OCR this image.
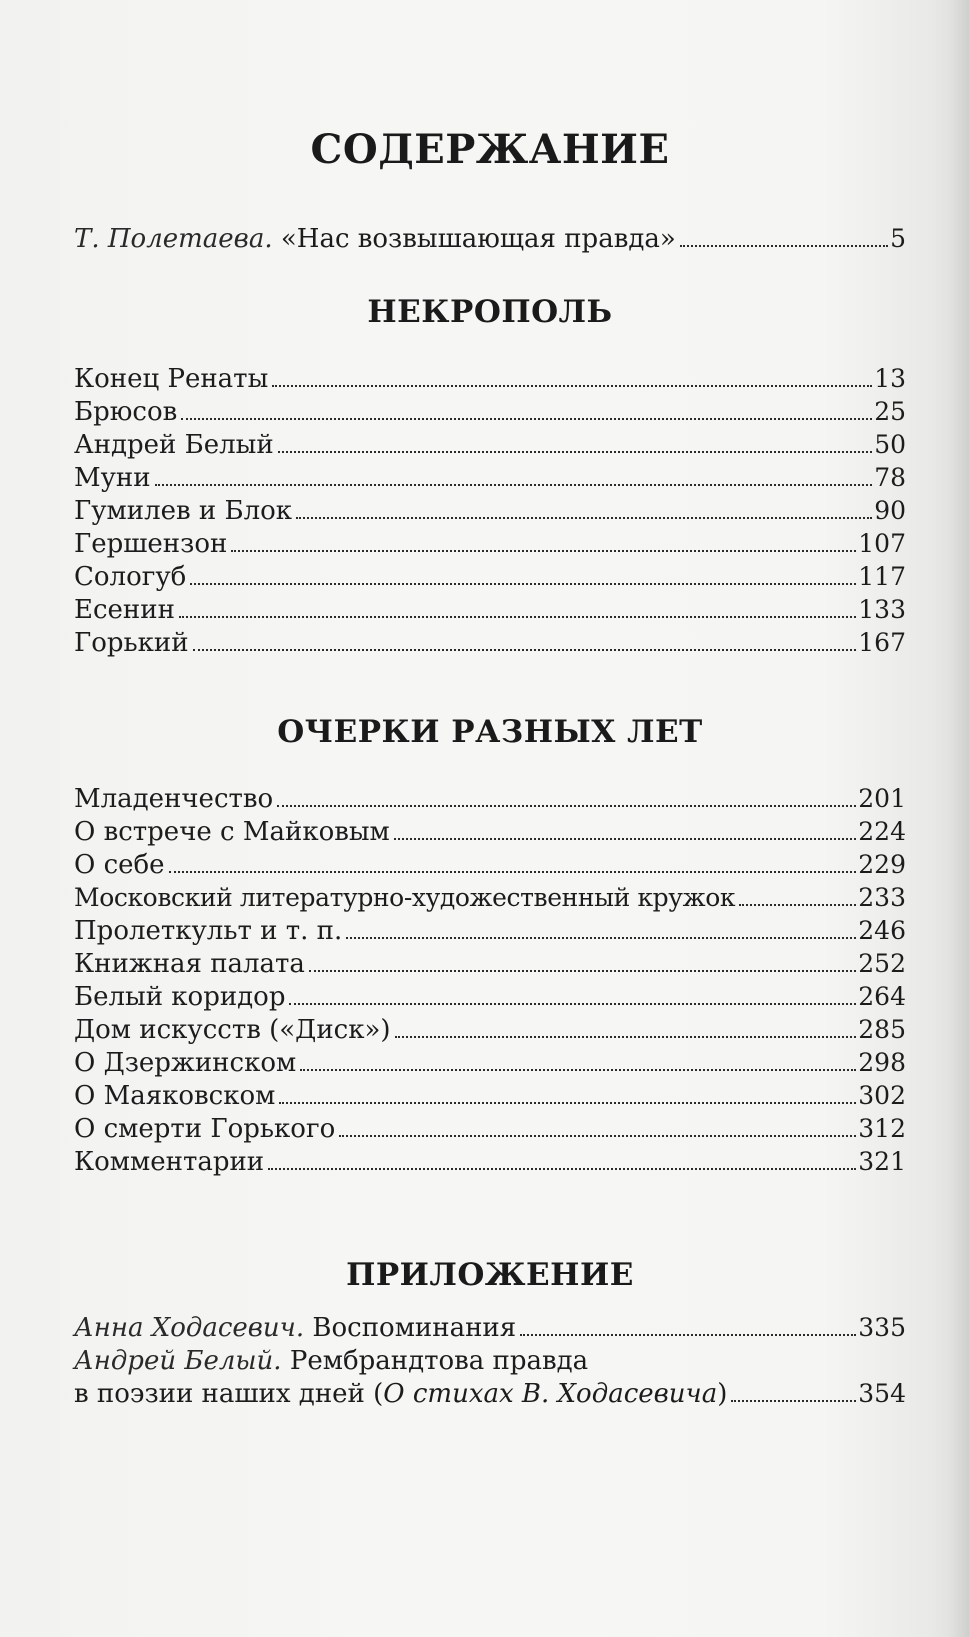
СОДЕРЖАНИЕ
Т. Полетаева. «Нас возвышающая правда»	5
НЕКРОПОЛЬ
Конец Ренаты	13
Брюсов	25
Андрей Белый	50
Муни	78
Гумилев и Блок	90
Гершензон	107
Сологуб	117
Есенин	133
Горький	167
ОЧЕРКИ РАЗНЫХ ЛЕТ
Младенчество	201
О встрече с Майковым	224
О себе	229
Московский литературно-художественный кружок	233
Пролеткульт и т. п.	246
Книжная палата	252
Белый коридор	264
Дом искусств («Диск»)	285
О Дзержинском	298
О Маяковском	302
О смерти Горького	312
Комментарии	321
ПРИЛОЖЕНИЕ
Анна Ходасевич. Воспоминания	335
Андрей Белый. Рембрандтова правда
в поэзии наших дней (О стихах В. Ходасевича)	354
